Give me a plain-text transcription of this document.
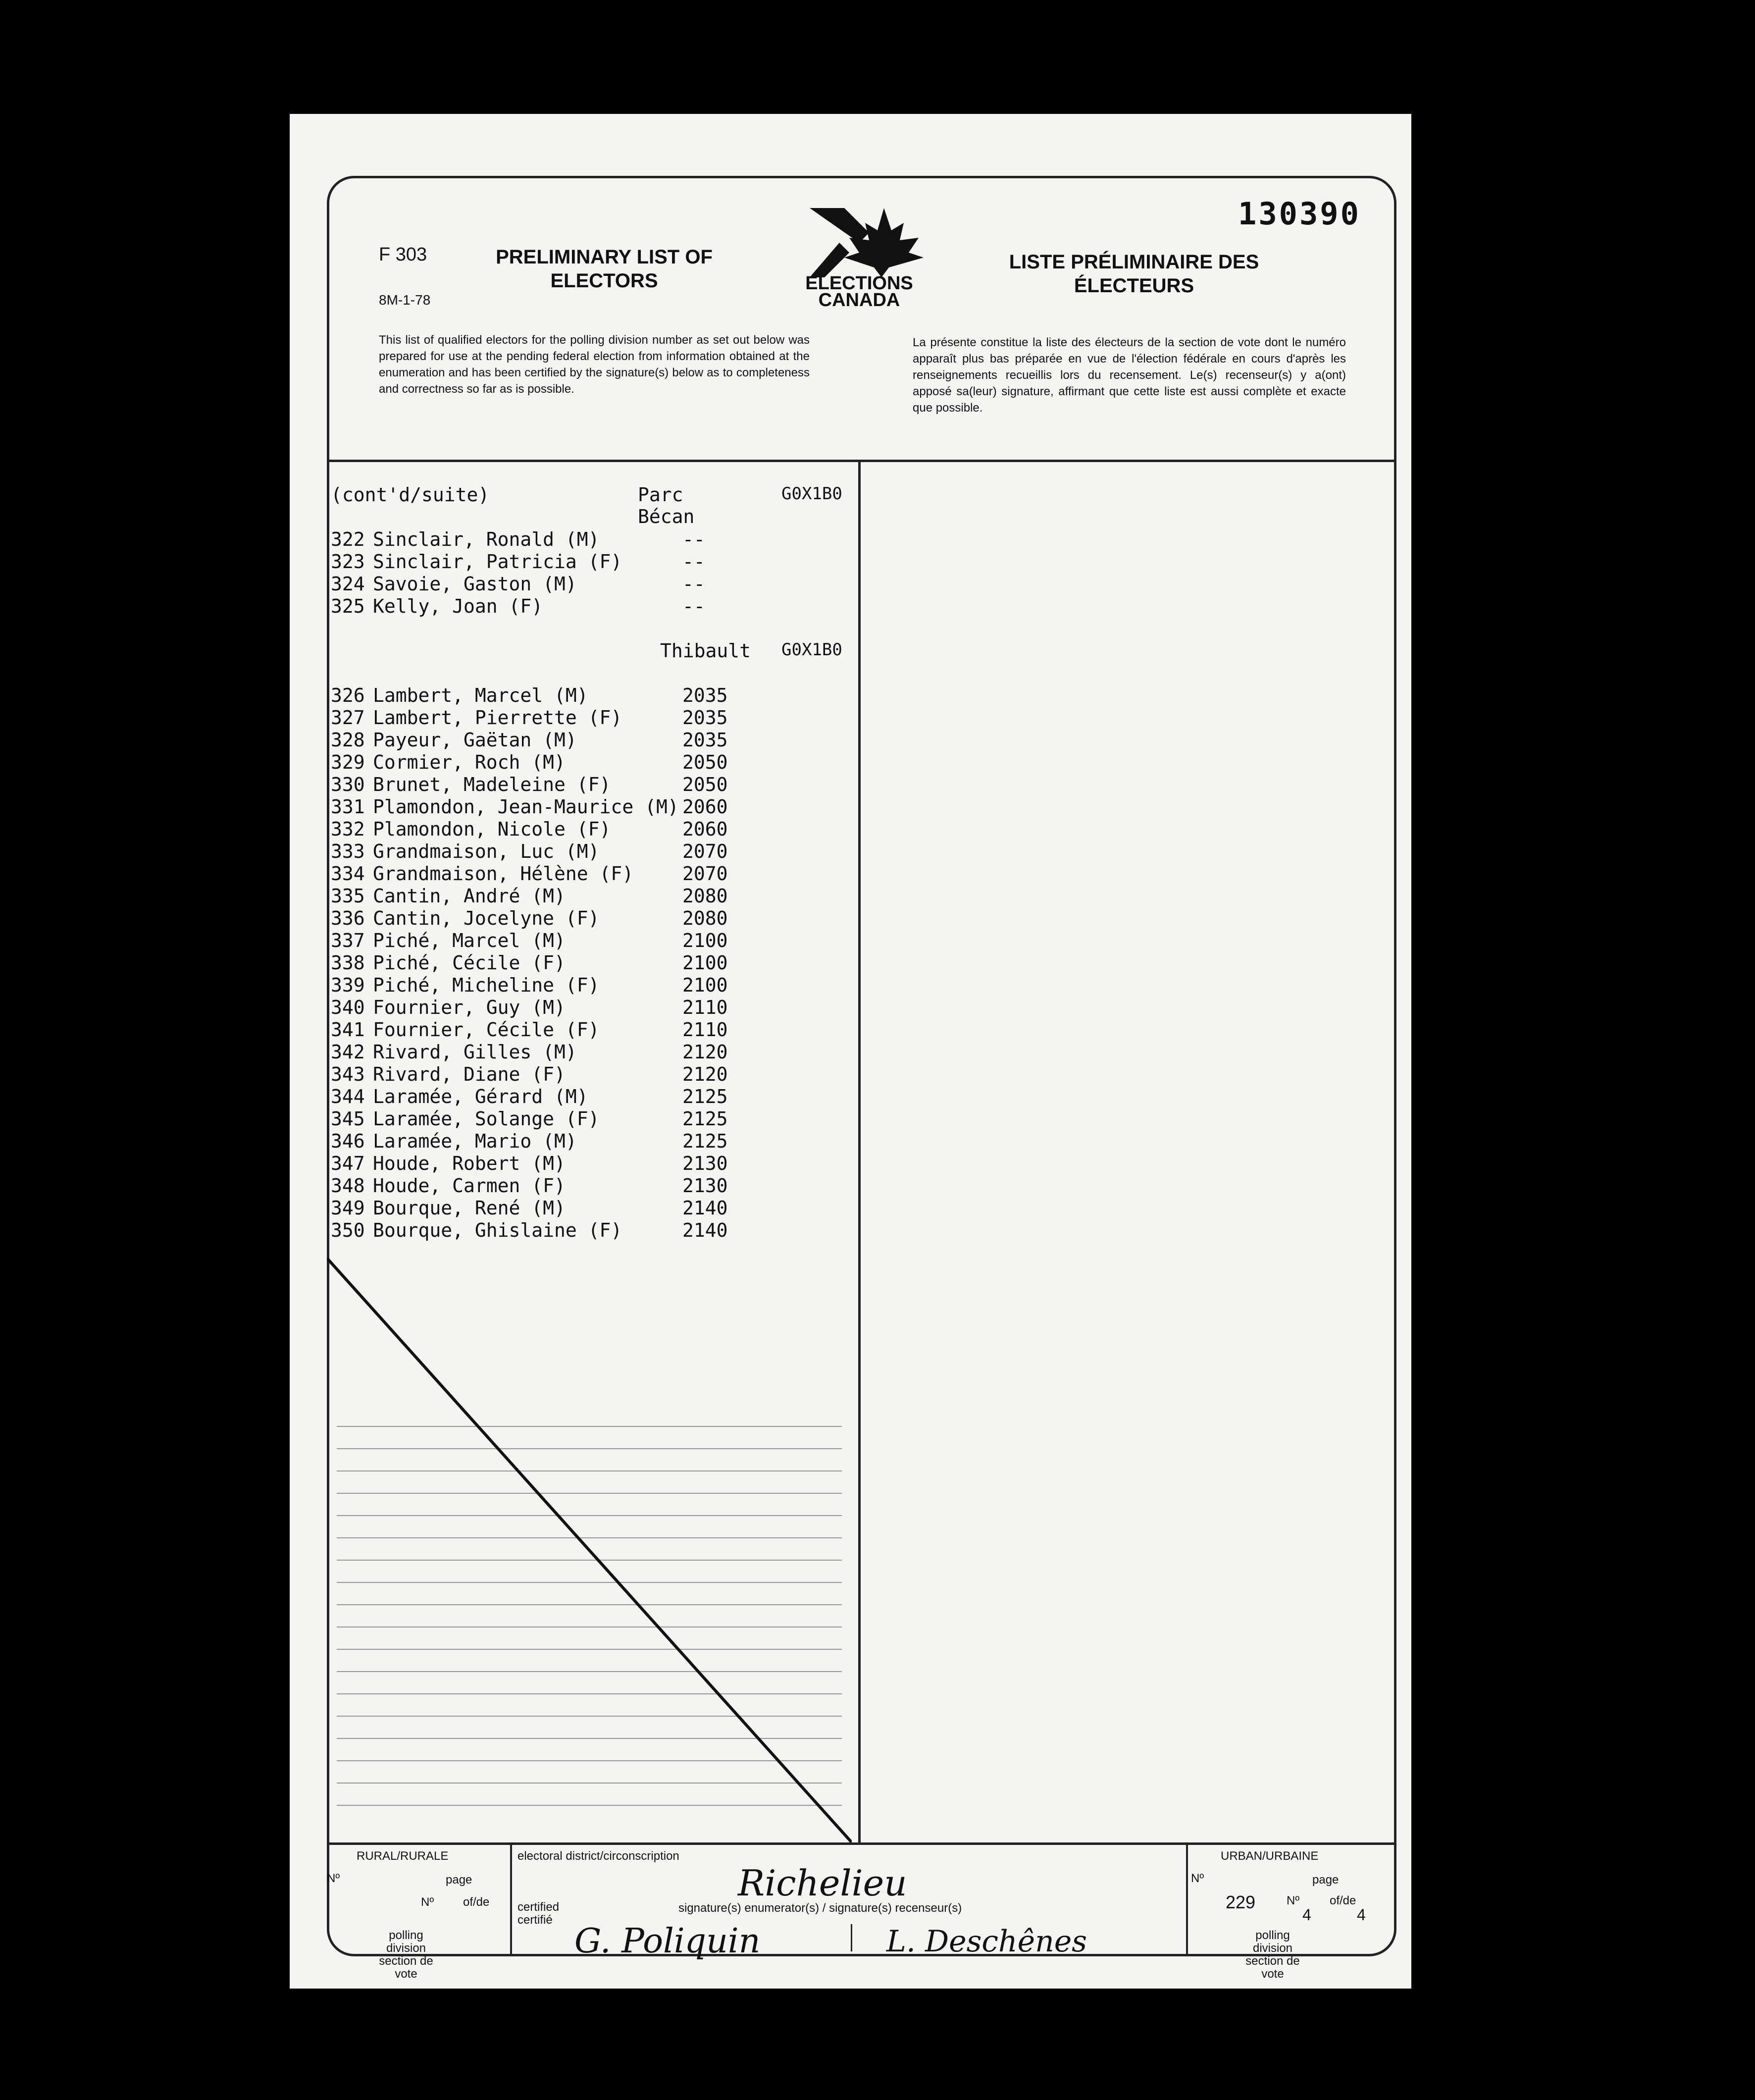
130390
F 303
8M-1-78
PRELIMINARY LIST OF ELECTORS
LISTE PRÉLIMINAIRE DES ÉLECTEURS
ELECTIONS CANADA
This list of qualified electors for the polling division number as set out below was prepared for use at the pending federal election from information obtained at the enumeration and has been certified by the signature(s) below as to completeness and correctness so far as is possible.
La présente constitue la liste des électeurs de la section de vote dont le numéro apparaît plus bas préparée en vue de l'élection fédérale en cours d'après les renseignements recueillis lors du recensement. Le(s) recenseur(s) y a(ont) apposé sa(leur) signature, affirmant que cette liste est aussi complète et exacte que possible.
(cont'd/suite)	Parc Bécan
G0X1B0
322 Sinclair, Ronald (M)	--
323 Sinclair, Patricia (F)	--
324 Savoie, Gaston (M)	--
325 Kelly, Joan (F)	--
Thibault G0X1B0
326 Lambert, Marcel (M)	2035
327 Lambert, Pierrette (F)	2035
328 Payeur, Gaëtan (M)	2035
329 Cormier, Roch (M)	2050
330 Brunet, Madeleine (F)	2050
331 Plamondon, Jean-Maurice (M) 2060
332 Plamondon, Nicole (F)	2060
333 Grandmaison, Luc (M)	2070
334 Grandmaison, Hélène (F)	2070
335 Cantin, André (M)	2080
336 Cantin, Jocelyne (F)	2080
337 Piché, Marcel (M)	2100
338 Piché, Cécile (F)	2100
339 Piché, Micheline (F)	2100
340 Fournier, Guy (M)	2110
341 Fournier, Cécile (F)	2110
342 Rivard, Gilles (M)	2120
343 Rivard, Diane (F)	2120
344 Laramée, Gérard (M)	2125
345 Laramée, Solange (F)	2125
346 Laramée, Mario (M)	2125
347 Houde, Robert (M)	2130
348 Houde, Carmen (F)	2130
349 Bourque, René (M)	2140
350 Bourque, Ghislaine (F)	2140
RURAL/RURALE
Nº	page
Nº of/de
polling division section de vote
electoral district/circonscription
Richelieu
certified certifié
signature(s) enumerator(s) / signature(s) recenseur(s)
G. Poliquin	L. Deschênes
URBAN/URBAINE
Nº	page
229	Nº	of/de
4	4
polling division section de vote
